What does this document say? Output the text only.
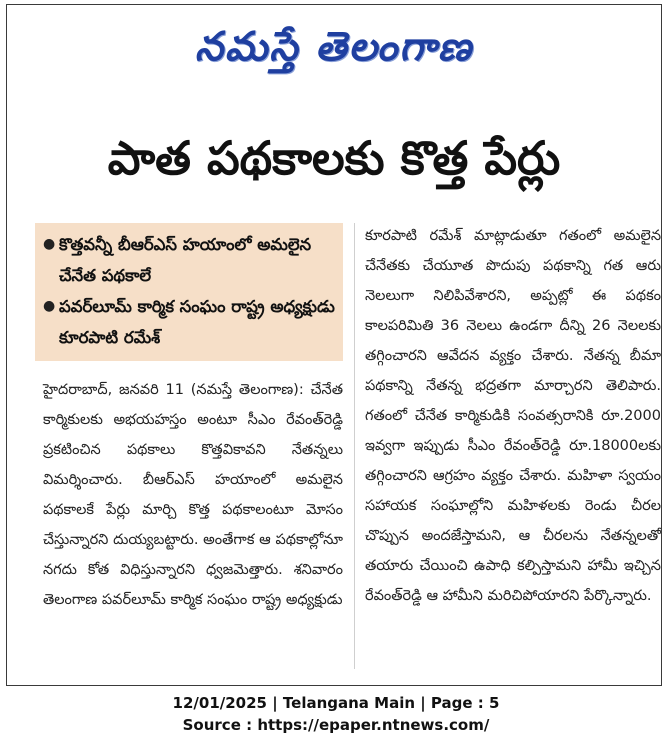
నమస్తే తెలంగాణ
పాత పథకాలకు కొత్త పేర్లు
● కొత్తవన్నీ బీఆర్ఎస్ హయాంలో అమలైన చేనేత పథకాలే
● పవర్‌లూమ్ కార్మిక సంఘం రాష్ట్ర అధ్యక్షుడు కూరపాటి రమేశ్
హైదరాబాద్, జనవరి 11 (నమస్తే తెలంగాణ): చేనేత కార్మికులకు అభయహస్తం అంటూ సీఎం రేవంత్‌రెడ్డి ప్రకటించిన పథకాలు కొత్తవికావని నేతన్నలు విమర్శించారు. బీఆర్ఎస్ హయాంలో అమలైన పథకాలకే పేర్లు మార్చి కొత్త పథకాలంటూ మోసం చేస్తున్నారని దుయ్యబట్టారు. అంతేగాక ఆ పథకాల్లోనూ నగదు కోత విధిస్తున్నారని ధ్వజమెత్తారు. శనివారం తెలంగాణ పవర్‌లూమ్ కార్మిక సంఘం రాష్ట్ర అధ్యక్షుడు
కూరపాటి రమేశ్ మాట్లాడుతూ గతంలో అమలైన చేనేతకు చేయూత పొదుపు పథకాన్ని గత ఆరు నెలలుగా నిలిపివేశారని, అప్పట్లో ఈ పథకం కాలపరిమితి 36 నెలలు ఉండగా దీన్ని 26 నెలలకు తగ్గించారని ఆవేదన వ్యక్తం చేశారు. నేతన్న బీమా పథకాన్ని నేతన్న భద్రతగా మార్చారని తెలిపారు. గతంలో చేనేత కార్మికుడికి సంవత్సరానికి రూ.2000 ఇవ్వగా ఇప్పుడు సీఎం రేవంత్‌రెడ్డి రూ.18000లకు తగ్గించారని ఆగ్రహం వ్యక్తం చేశారు. మహిళా స్వయం సహాయక సంఘాల్లోని మహిళలకు రెండు చీరల చొప్పున అందజేస్తామని, ఆ చీరలను నేతన్నలతో తయారు చేయించి ఉపాధి కల్పిస్తామని హామీ ఇచ్చిన రేవంత్‌రెడ్డి ఆ హామీని మరిచిపోయారని పేర్కొన్నారు.
12/01/2025 | Telangana Main | Page : 5
Source : https://epaper.ntnews.com/
